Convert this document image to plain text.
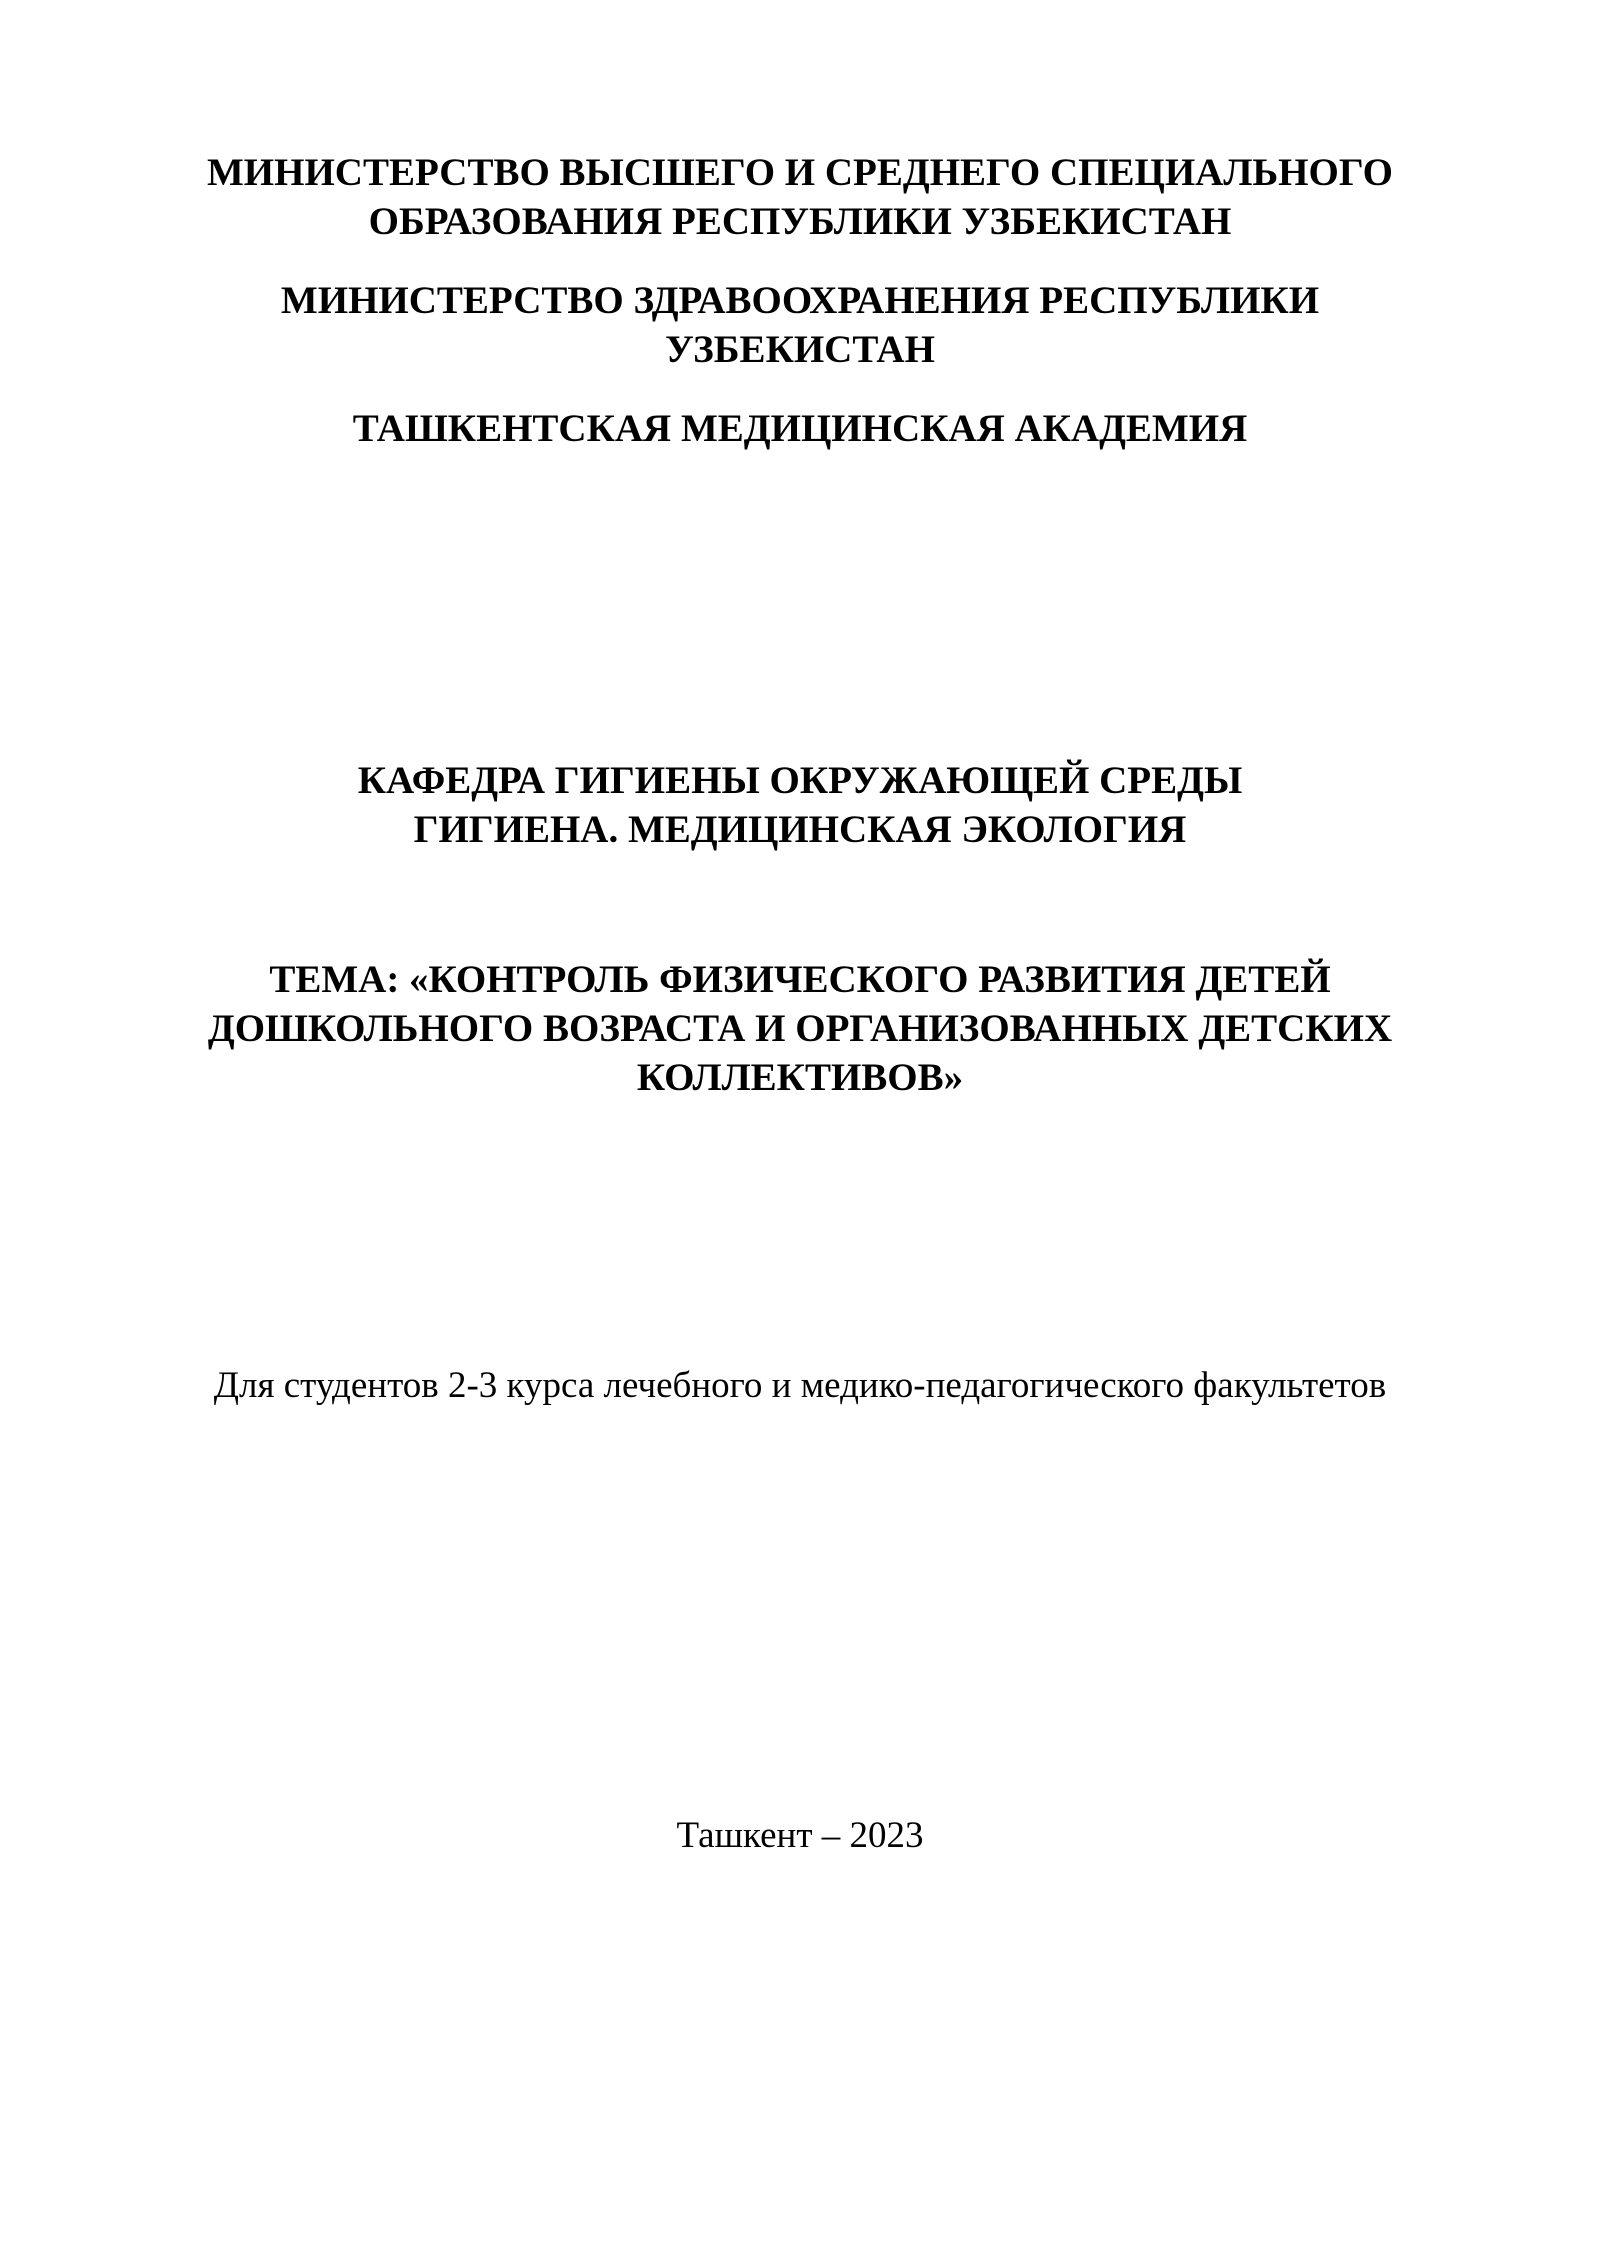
МИНИСТЕРСТВО ВЫСШЕГО И СРЕДНЕГО СПЕЦИАЛЬНОГО
ОБРАЗОВАНИЯ РЕСПУБЛИКИ УЗБЕКИСТАН
МИНИСТЕРСТВО ЗДРАВООХРАНЕНИЯ РЕСПУБЛИКИ
УЗБЕКИСТАН
ТАШКЕНТСКАЯ МЕДИЦИНСКАЯ АКАДЕМИЯ
КАФЕДРА ГИГИЕНЫ ОКРУЖАЮЩЕЙ СРЕДЫ
ГИГИЕНА. МЕДИЦИНСКАЯ ЭКОЛОГИЯ
ТЕМА: «КОНТРОЛЬ ФИЗИЧЕСКОГО РАЗВИТИЯ ДЕТЕЙ
ДОШКОЛЬНОГО ВОЗРАСТА И ОРГАНИЗОВАННЫХ ДЕТСКИХ
КОЛЛЕКТИВОВ»
Для студентов 2-3 курса лечебного и медико-педагогического факультетов
Ташкент – 2023
